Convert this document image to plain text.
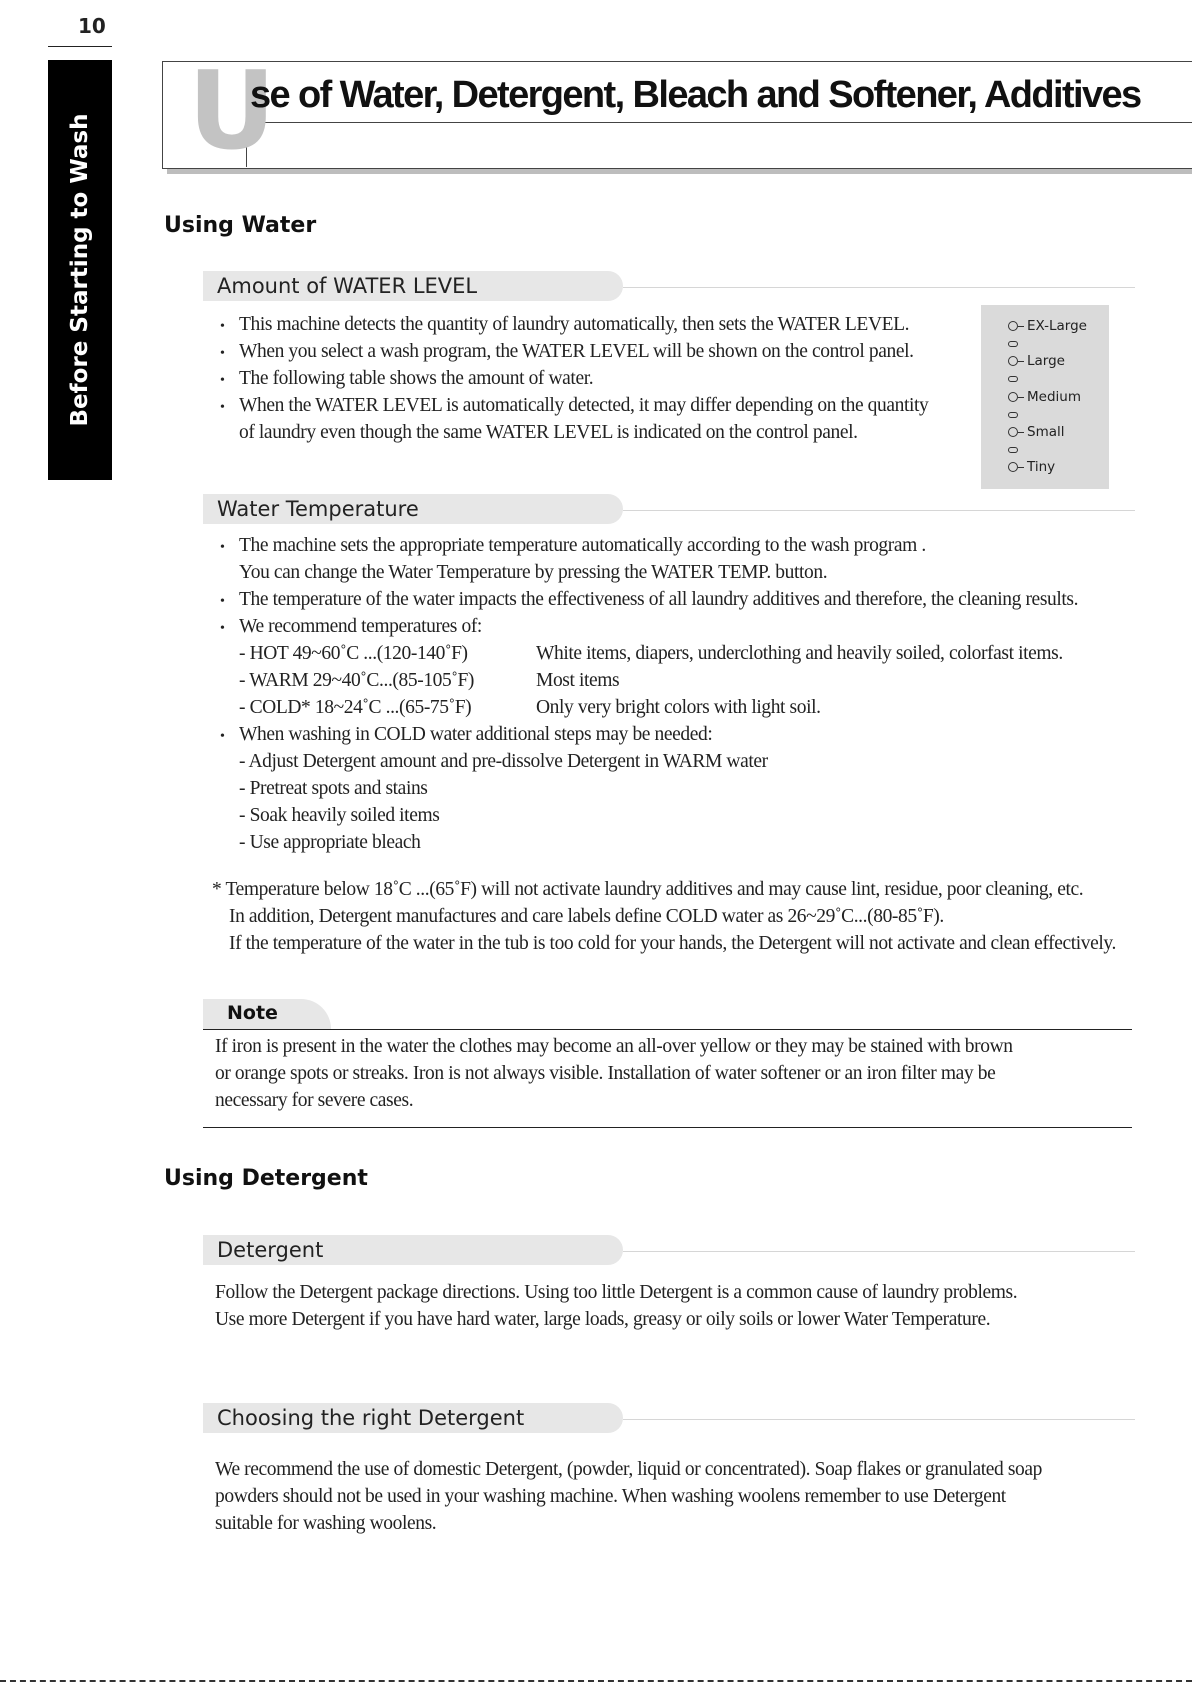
10
Before Starting to Wash
U
se of Water, Detergent, Bleach and Softener, Additives
Using Water
Amount of WATER LEVEL
• This machine detects the quantity of laundry automatically, then sets the WATER LEVEL.
• When you select a wash program, the WATER LEVEL will be shown on the control panel.
• The following table shows the amount of water.
• When the WATER LEVEL is automatically detected, it may differ depending on the quantity
of laundry even though the same WATER LEVEL is indicated on the control panel.
EX-Large
Large
Medium
Small
Tiny
Water Temperature
• The machine sets the appropriate temperature automatically according to the wash program .
You can change the Water Temperature by pressing the WATER TEMP. button.
• The temperature of the water impacts the effectiveness of all laundry additives and therefore, the cleaning results.
• We recommend temperatures of:
- HOT 49~60˚C ...(120-140˚F)	White items, diapers, underclothing and heavily soiled, colorfast items.
- WARM 29~40˚C...(85-105˚F)	Most items
- COLD* 18~24˚C ...(65-75˚F)	Only very bright colors with light soil.
• When washing in COLD water additional steps may be needed:
- Adjust Detergent amount and pre-dissolve Detergent in WARM water
- Pretreat spots and stains
- Soak heavily soiled items
- Use appropriate bleach
* Temperature below 18˚C ...(65˚F) will not activate laundry additives and may cause lint, residue, poor cleaning, etc.
In addition, Detergent manufactures and care labels define COLD water as 26~29˚C...(80-85˚F).
If the temperature of the water in the tub is too cold for your hands, the Detergent will not activate and clean effectively.
Note

If iron is present in the water the clothes may become an all-over yellow or they may be stained with brown
or orange spots or streaks. Iron is not always visible. Installation of water softener or an iron filter may be
necessary for severe cases.

Using Detergent
Detergent

Follow the Detergent package directions. Using too little Detergent is a common cause of laundry problems.
Use more Detergent if you have hard water, large loads, greasy or oily soils or lower Water Temperature.

Choosing the right Detergent

We recommend the use of domestic Detergent, (powder, liquid or concentrated). Soap flakes or granulated soap
powders should not be used in your washing machine. When washing woolens remember to use Detergent
suitable for washing woolens.
